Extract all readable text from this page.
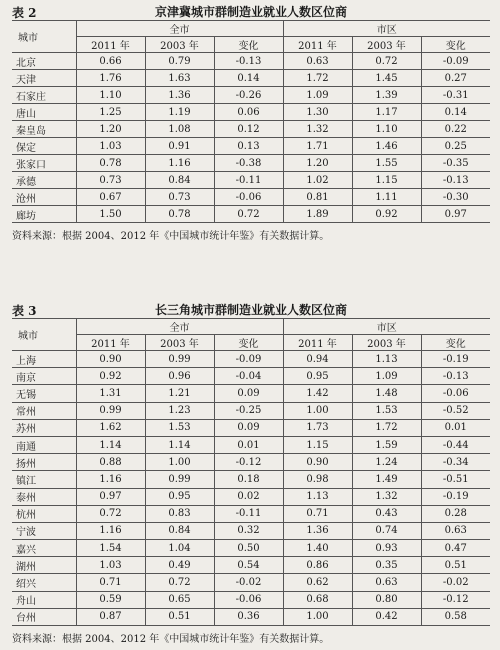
表 2	京津冀城市群制造业就业人数区位商
城市	全市			市区		
	2011 年	2003 年	变化	2011 年	2003 年	变化
北京	0.66	0.79	-0.13	0.63	0.72	-0.09
天津	1.76	1.63	0.14	1.72	1.45	0.27
石家庄	1.10	1.36	-0.26	1.09	1.39	-0.31
唐山	1.25	1.19	0.06	1.30	1.17	0.14
秦皇岛	1.20	1.08	0.12	1.32	1.10	0.22
保定	1.03	0.91	0.13	1.71	1.46	0.25
张家口	0.78	1.16	-0.38	1.20	1.55	-0.35
承德	0.73	0.84	-0.11	1.02	1.15	-0.13
沧州	0.67	0.73	-0.06	0.81	1.11	-0.30
廊坊	1.50	0.78	0.72	1.89	0.92	0.97
资料来源：根据 2004、2012 年《中国城市统计年鉴》有关数据计算。
表 3	长三角城市群制造业就业人数区位商
城市	全市			市区		
	2011 年	2003 年	变化	2011 年	2003 年	变化
上海	0.90	0.99	-0.09	0.94	1.13	-0.19
南京	0.92	0.96	-0.04	0.95	1.09	-0.13
无锡	1.31	1.21	0.09	1.42	1.48	-0.06
常州	0.99	1.23	-0.25	1.00	1.53	-0.52
苏州	1.62	1.53	0.09	1.73	1.72	0.01
南通	1.14	1.14	0.01	1.15	1.59	-0.44
扬州	0.88	1.00	-0.12	0.90	1.24	-0.34
镇江	1.16	0.99	0.18	0.98	1.49	-0.51
泰州	0.97	0.95	0.02	1.13	1.32	-0.19
杭州	0.72	0.83	-0.11	0.71	0.43	0.28
宁波	1.16	0.84	0.32	1.36	0.74	0.63
嘉兴	1.54	1.04	0.50	1.40	0.93	0.47
湖州	1.03	0.49	0.54	0.86	0.35	0.51
绍兴	0.71	0.72	-0.02	0.62	0.63	-0.02
舟山	0.59	0.65	-0.06	0.68	0.80	-0.12
台州	0.87	0.51	0.36	1.00	0.42	0.58
资料来源：根据 2004、2012 年《中国城市统计年鉴》有关数据计算。
